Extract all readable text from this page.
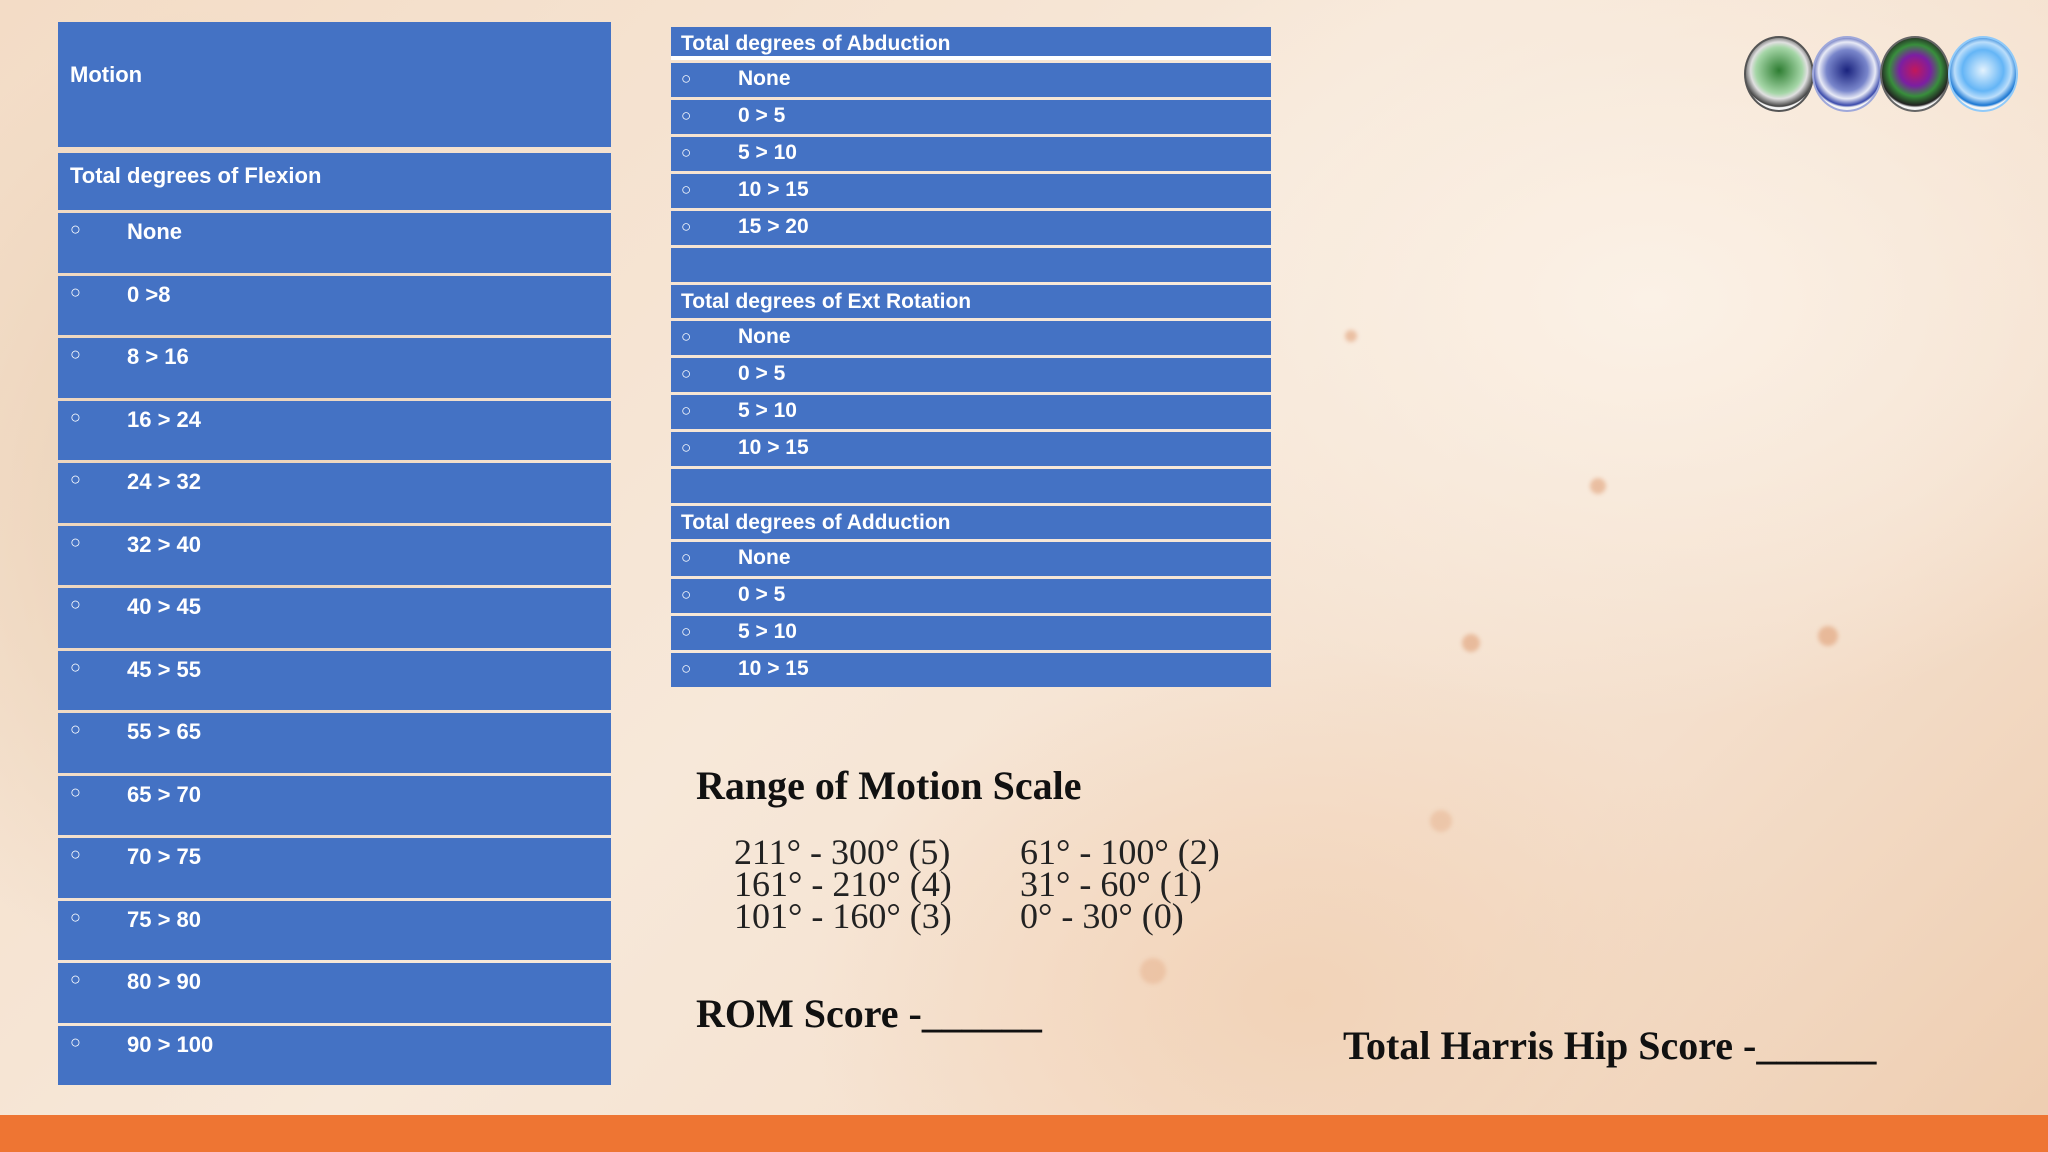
Motion
Total degrees of Flexion
○ None
○ 0 >8
○ 8 > 16
○ 16 > 24
○ 24 > 32
○ 32 > 40
○ 40 > 45
○ 45 > 55
○ 55 > 65
○ 65 > 70
○ 70 > 75
○ 75 > 80
○ 80 > 90
○ 90 > 100
Total degrees of Abduction
○ None
○ 0 > 5
○ 5 > 10
○ 10 > 15
○ 15 > 20
Total degrees of Ext Rotation
○ None
○ 0 > 5
○ 5 > 10
○ 10 > 15
Total degrees of Adduction
○ None
○ 0 > 5
○ 5 > 10
○ 10 > 15
Range of Motion Scale
211° - 300° (5)
161° - 210° (4)
101° - 160° (3)
61° - 100° (2)
31° - 60° (1)
0° - 30° (0)
ROM Score -______
Total Harris Hip Score -______
